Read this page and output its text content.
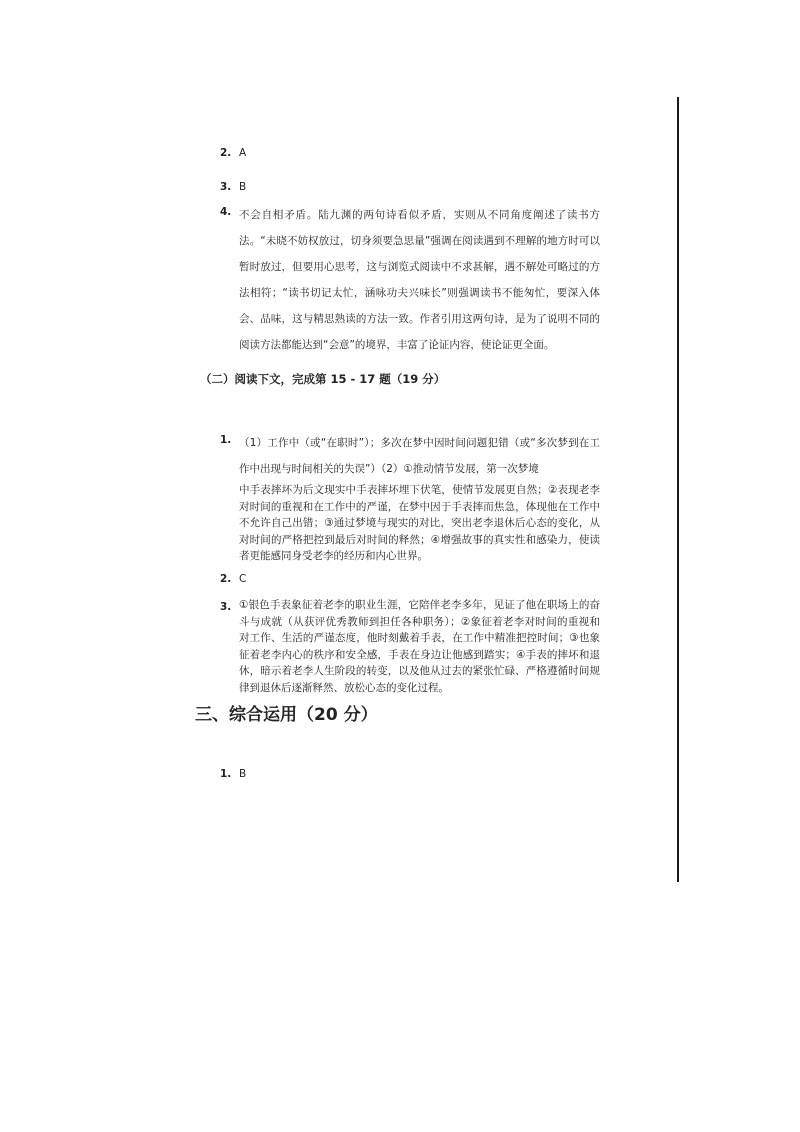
2. A
3. B
4. 不会自相矛盾。陆九渊的两句诗看似矛盾，实则从不同角度阐述了读书方法。“未晓不妨权放过，切身须要急思量”强调在阅读遇到不理解的地方时可以暂时放过，但要用心思考，这与浏览式阅读中不求甚解，遇不解处可略过的方法相符；“读书切记太忙，涵咏功夫兴味长”则强调读书不能匆忙，要深入体会、品味，这与精思熟读的方法一致。作者引用这两句诗，是为了说明不同的阅读方法都能达到“会意”的境界，丰富了论证内容，使论证更全面。
（二）阅读下文，完成第 15 - 17 题（19 分）
1. （1）工作中（或“在职时”）；多次在梦中因时间问题犯错（或“多次梦到在工作中出现与时间相关的失误”）（2）①推动情节发展，第一次梦境
中手表摔坏为后文现实中手表摔坏埋下伏笔，使情节发展更自然；②表现老李对时间的重视和在工作中的严谨，在梦中因于手表摔而焦急，体现他在工作中不允许自己出错；③通过梦境与现实的对比，突出老李退休后心态的变化，从对时间的严格把控到最后对时间的释然；④增强故事的真实性和感染力，使读者更能感同身受老李的经历和内心世界。
2. C
3. ①银色手表象征着老李的职业生涯，它陪伴老李多年，见证了他在职场上的奋斗与成就（从获评优秀教师到担任各种职务）；②象征着老李对时间的重视和对工作、生活的严谨态度，他时刻戴着手表，在工作中精准把控时间；③也象征着老李内心的秩序和安全感，手表在身边让他感到踏实；④手表的摔坏和退休，暗示着老李人生阶段的转变，以及他从过去的紧张忙碌、严格遵循时间规律到退休后逐渐释然、放松心态的变化过程。
三、综合运用（20 分）
1. B
